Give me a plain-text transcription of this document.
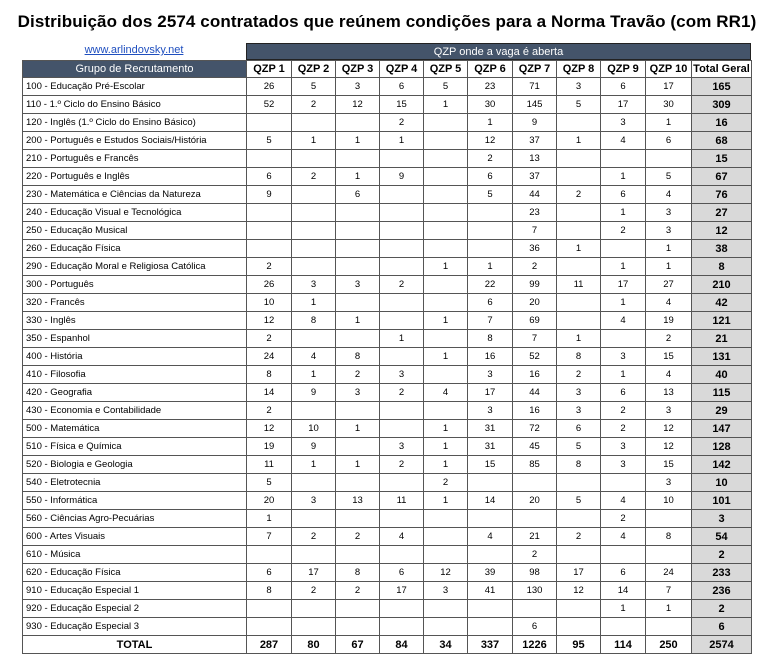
Distribuição dos 2574 contratados que reúnem condições para a Norma Travão (com RR1)
www.arlindovsky.net	QZP onde a vaga é aberta
Grupo de Recrutamento	QZP 1	QZP 2	QZP 3	QZP 4	QZP 5	QZP 6	QZP 7	QZP 8	QZP 9	QZP 10	Total Geral
100 - Educação Pré-Escolar	26	5	3	6	5	23	71	3	6	17	165
110 - 1.º Ciclo do Ensino Básico	52	2	12	15	1	30	145	5	17	30	309
120 - Inglês (1.º Ciclo do Ensino Básico)				2		1	9		3	1	16
200 - Português e Estudos Sociais/História	5	1	1	1		12	37	1	4	6	68
210 - Português e Francês						2	13				15
220 - Português e Inglês	6	2	1	9		6	37		1	5	67
230 - Matemática e Ciências da Natureza	9		6			5	44	2	6	4	76
240 - Educação Visual e Tecnológica							23		1	3	27
250 - Educação Musical							7		2	3	12
260 - Educação Física							36	1		1	38
290 - Educação Moral e Religiosa Católica	2				1	1	2		1	1	8
300 - Português	26	3	3	2		22	99	11	17	27	210
320 - Francês	10	1				6	20		1	4	42
330 - Inglês	12	8	1		1	7	69		4	19	121
350 - Espanhol	2			1		8	7	1		2	21
400 - História	24	4	8		1	16	52	8	3	15	131
410 - Filosofia	8	1	2	3		3	16	2	1	4	40
420 - Geografia	14	9	3	2	4	17	44	3	6	13	115
430 - Economia e Contabilidade	2					3	16	3	2	3	29
500 - Matemática	12	10	1		1	31	72	6	2	12	147
510 - Física e Química	19	9		3	1	31	45	5	3	12	128
520 - Biologia e Geologia	11	1	1	2	1	15	85	8	3	15	142
540 - Eletrotecnia	5				2					3	10
550 - Informática	20	3	13	11	1	14	20	5	4	10	101
560 - Ciências Agro-Pecuárias	1								2		3
600 - Artes Visuais	7	2	2	4		4	21	2	4	8	54
610 - Música							2				2
620 - Educação Física	6	17	8	6	12	39	98	17	6	24	233
910 - Educação Especial 1	8	2	2	17	3	41	130	12	14	7	236
920 - Educação Especial 2									1	1	2
930 - Educação Especial 3							6				6
TOTAL	287	80	67	84	34	337	1226	95	114	250	2574
